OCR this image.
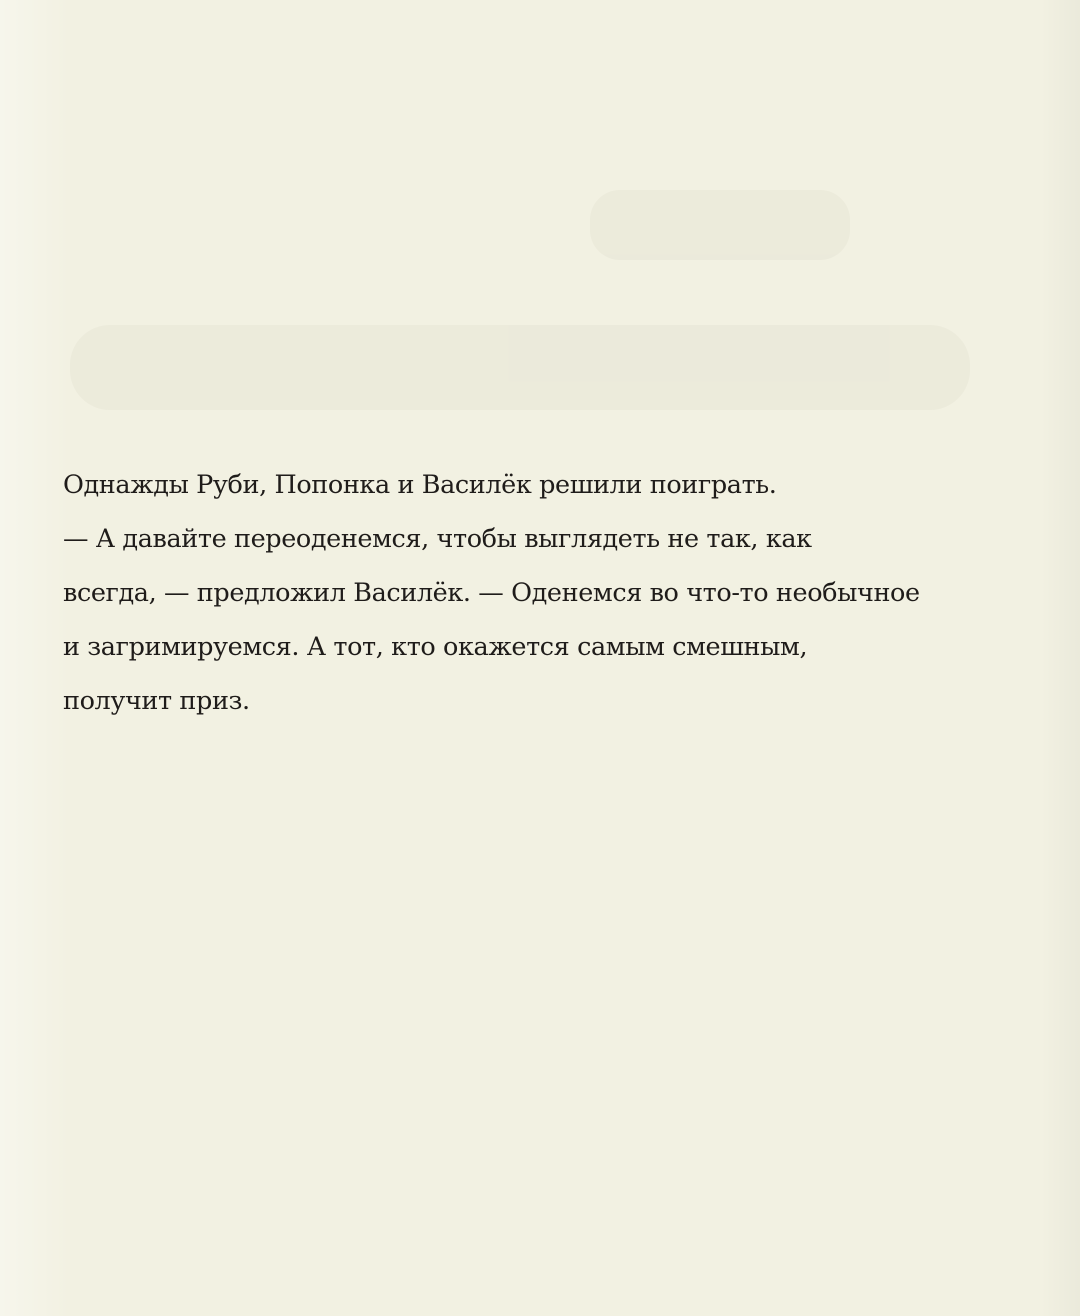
Однажды Руби, Попонка и Василёк решили поиграть.
— А давайте переоденемся, чтобы выглядеть не так, как
всегда, — предложил Василёк. — Оденемся во что-то необычное
и загримируемся. А тот, кто окажется самым смешным,
получит приз.
